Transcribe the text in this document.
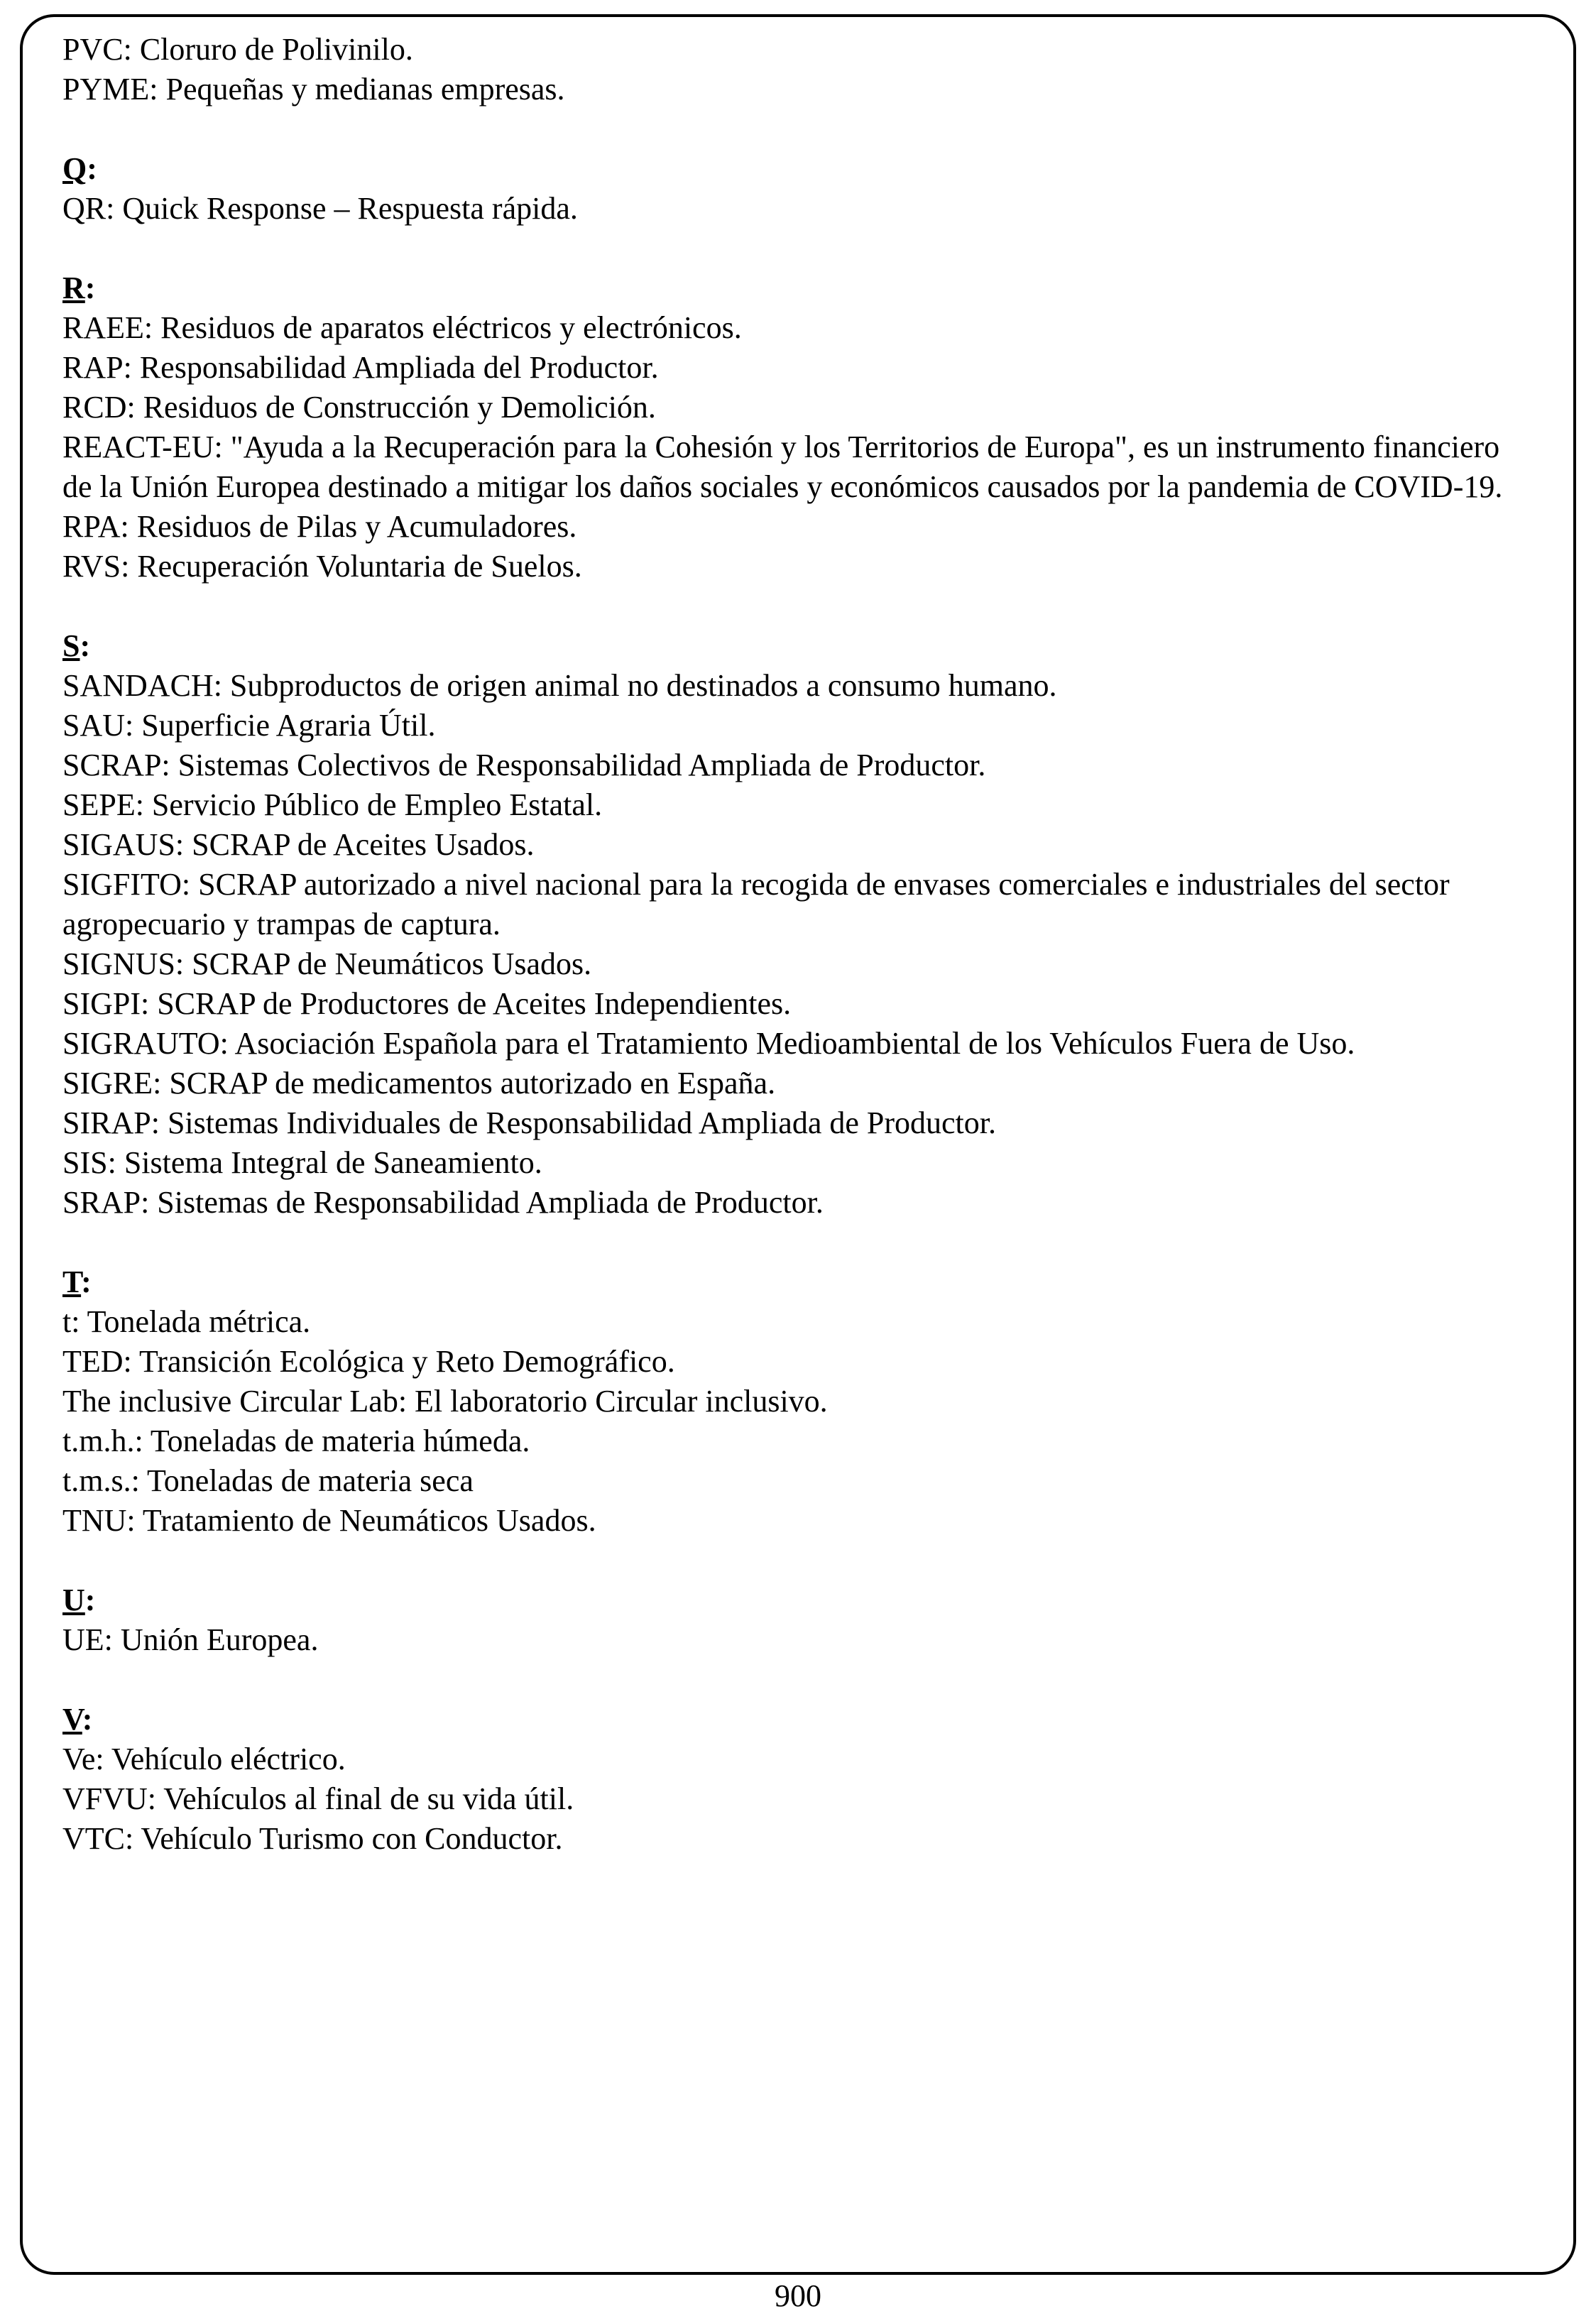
PVC: Cloruro de Polivinilo.

PYME: Pequeñas y medianas empresas.

Q:

QR: Quick Response – Respuesta rápida.

R:

RAEE: Residuos de aparatos eléctricos y electrónicos.

RAP: Responsabilidad Ampliada del Productor.

RCD: Residuos de Construcción y Demolición.

REACT-EU: "Ayuda a la Recuperación para la Cohesión y los Territorios de Europa", es un instrumento financiero de la Unión Europea destinado a mitigar los daños sociales y económicos causados por la pandemia de COVID-19.

RPA: Residuos de Pilas y Acumuladores.

RVS: Recuperación Voluntaria de Suelos.

S:

SANDACH: Subproductos de origen animal no destinados a consumo humano.

SAU: Superficie Agraria Útil.

SCRAP: Sistemas Colectivos de Responsabilidad Ampliada de Productor.

SEPE: Servicio Público de Empleo Estatal.

SIGAUS: SCRAP de Aceites Usados.

SIGFITO: SCRAP autorizado a nivel nacional para la recogida de envases comerciales e industriales del sector agropecuario y trampas de captura.

SIGNUS: SCRAP de Neumáticos Usados.

SIGPI: SCRAP de Productores de Aceites Independientes.

SIGRAUTO: Asociación Española para el Tratamiento Medioambiental de los Vehículos Fuera de Uso.

SIGRE: SCRAP de medicamentos autorizado en España.

SIRAP: Sistemas Individuales de Responsabilidad Ampliada de Productor.

SIS: Sistema Integral de Saneamiento.

SRAP: Sistemas de Responsabilidad Ampliada de Productor.

T:

t: Tonelada métrica.

TED: Transición Ecológica y Reto Demográfico.

The inclusive Circular Lab: El laboratorio Circular inclusivo.

t.m.h.: Toneladas de materia húmeda.

t.m.s.: Toneladas de materia seca

TNU: Tratamiento de Neumáticos Usados.

U:

UE: Unión Europea.

V:

Ve: Vehículo eléctrico.

VFVU: Vehículos al final de su vida útil.

VTC: Vehículo Turismo con Conductor.

900
